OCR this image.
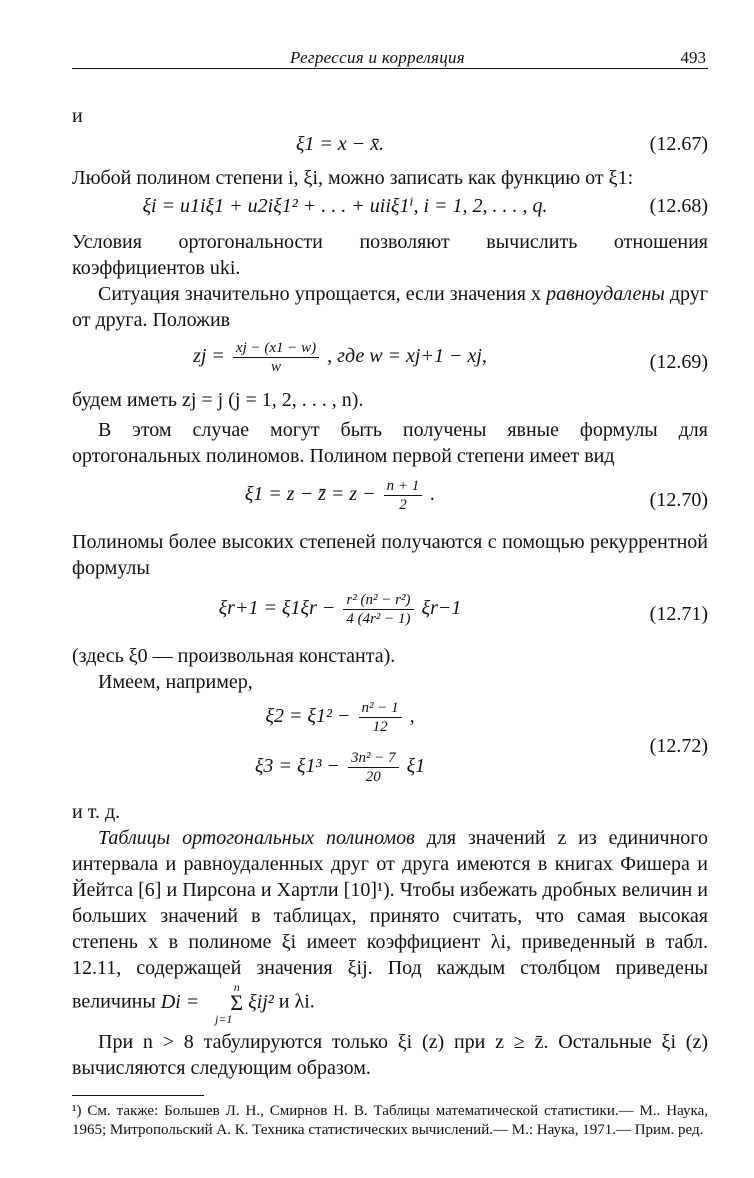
Регрессия и корреляция	493

и

ξ1 = x − x̄.	(12.67)

Любой полином степени i, ξi, можно записать как функцию от ξ1:

ξi = u1iξ1 + u2iξ1² + . . . + uiiξ1ⁱ, i = 1, 2, . . . , q.	(12.68)

Условия ортогональности позволяют вычислить отношения коэффициентов uki.

Ситуация значительно упрощается, если значения x равноудалены друг от друга. Положив

zj = $\frac{xj - (x1 - w)}{w}$ , где w = xj+1 − xj,	(12.69)

будем иметь zj = j (j = 1, 2, . . . , n).

В этом случае могут быть получены явные формулы для ортогональных полиномов. Полином первой степени имеет вид

ξ1 = z − z̄ = $z - \frac{n + 1}{2}$ .	(12.70)

Полиномы более высоких степеней получаются с помощью рекуррентной формулы

$\xi r+1 = \xi 1\xi r - \frac{\text{r² (n² − r²)}}{\text{4 (4r² − 1)}} \xi r-1$	(12.71)

(здесь ξ0 — произвольная константа).

Имеем, например,

$\xi 2 = \xi 1^2 - \frac{\text{n² − 1}}{12}$ ,
$\xi 3 = \xi 1^3 - \frac{\text{3n² − 7}}{20} \xi 1$
(12.72)

и т. д.

Таблицы ортогональных полиномов для значений z из единичного интервала и равноудаленных друг от друга имеются в книгах Фишера и Йейтса [6] и Пирсона и Хартли [10]¹). Чтобы избежать дробных величин и больших значений в таблицах, принято считать, что самая высокая степень x в полиноме ξi имеет коэффициент λi, приведенный в табл. 12.11, содержащей значения ξij. Под каждым столбцом приведены величины Di = n
Σ
j=1 ξij² и λi.

При n > 8 табулируются только ξi (z) при z ≥ z̄. Остальные ξi (z) вычисляются следующим образом.

¹) См. также: Большев Л. Н., Смирнов Н. В. Таблицы математической статистики.— М.. Наука, 1965; Митропольский А. К. Техника статистических вычислений.— М.: Наука, 1971.— Прим. ред.
